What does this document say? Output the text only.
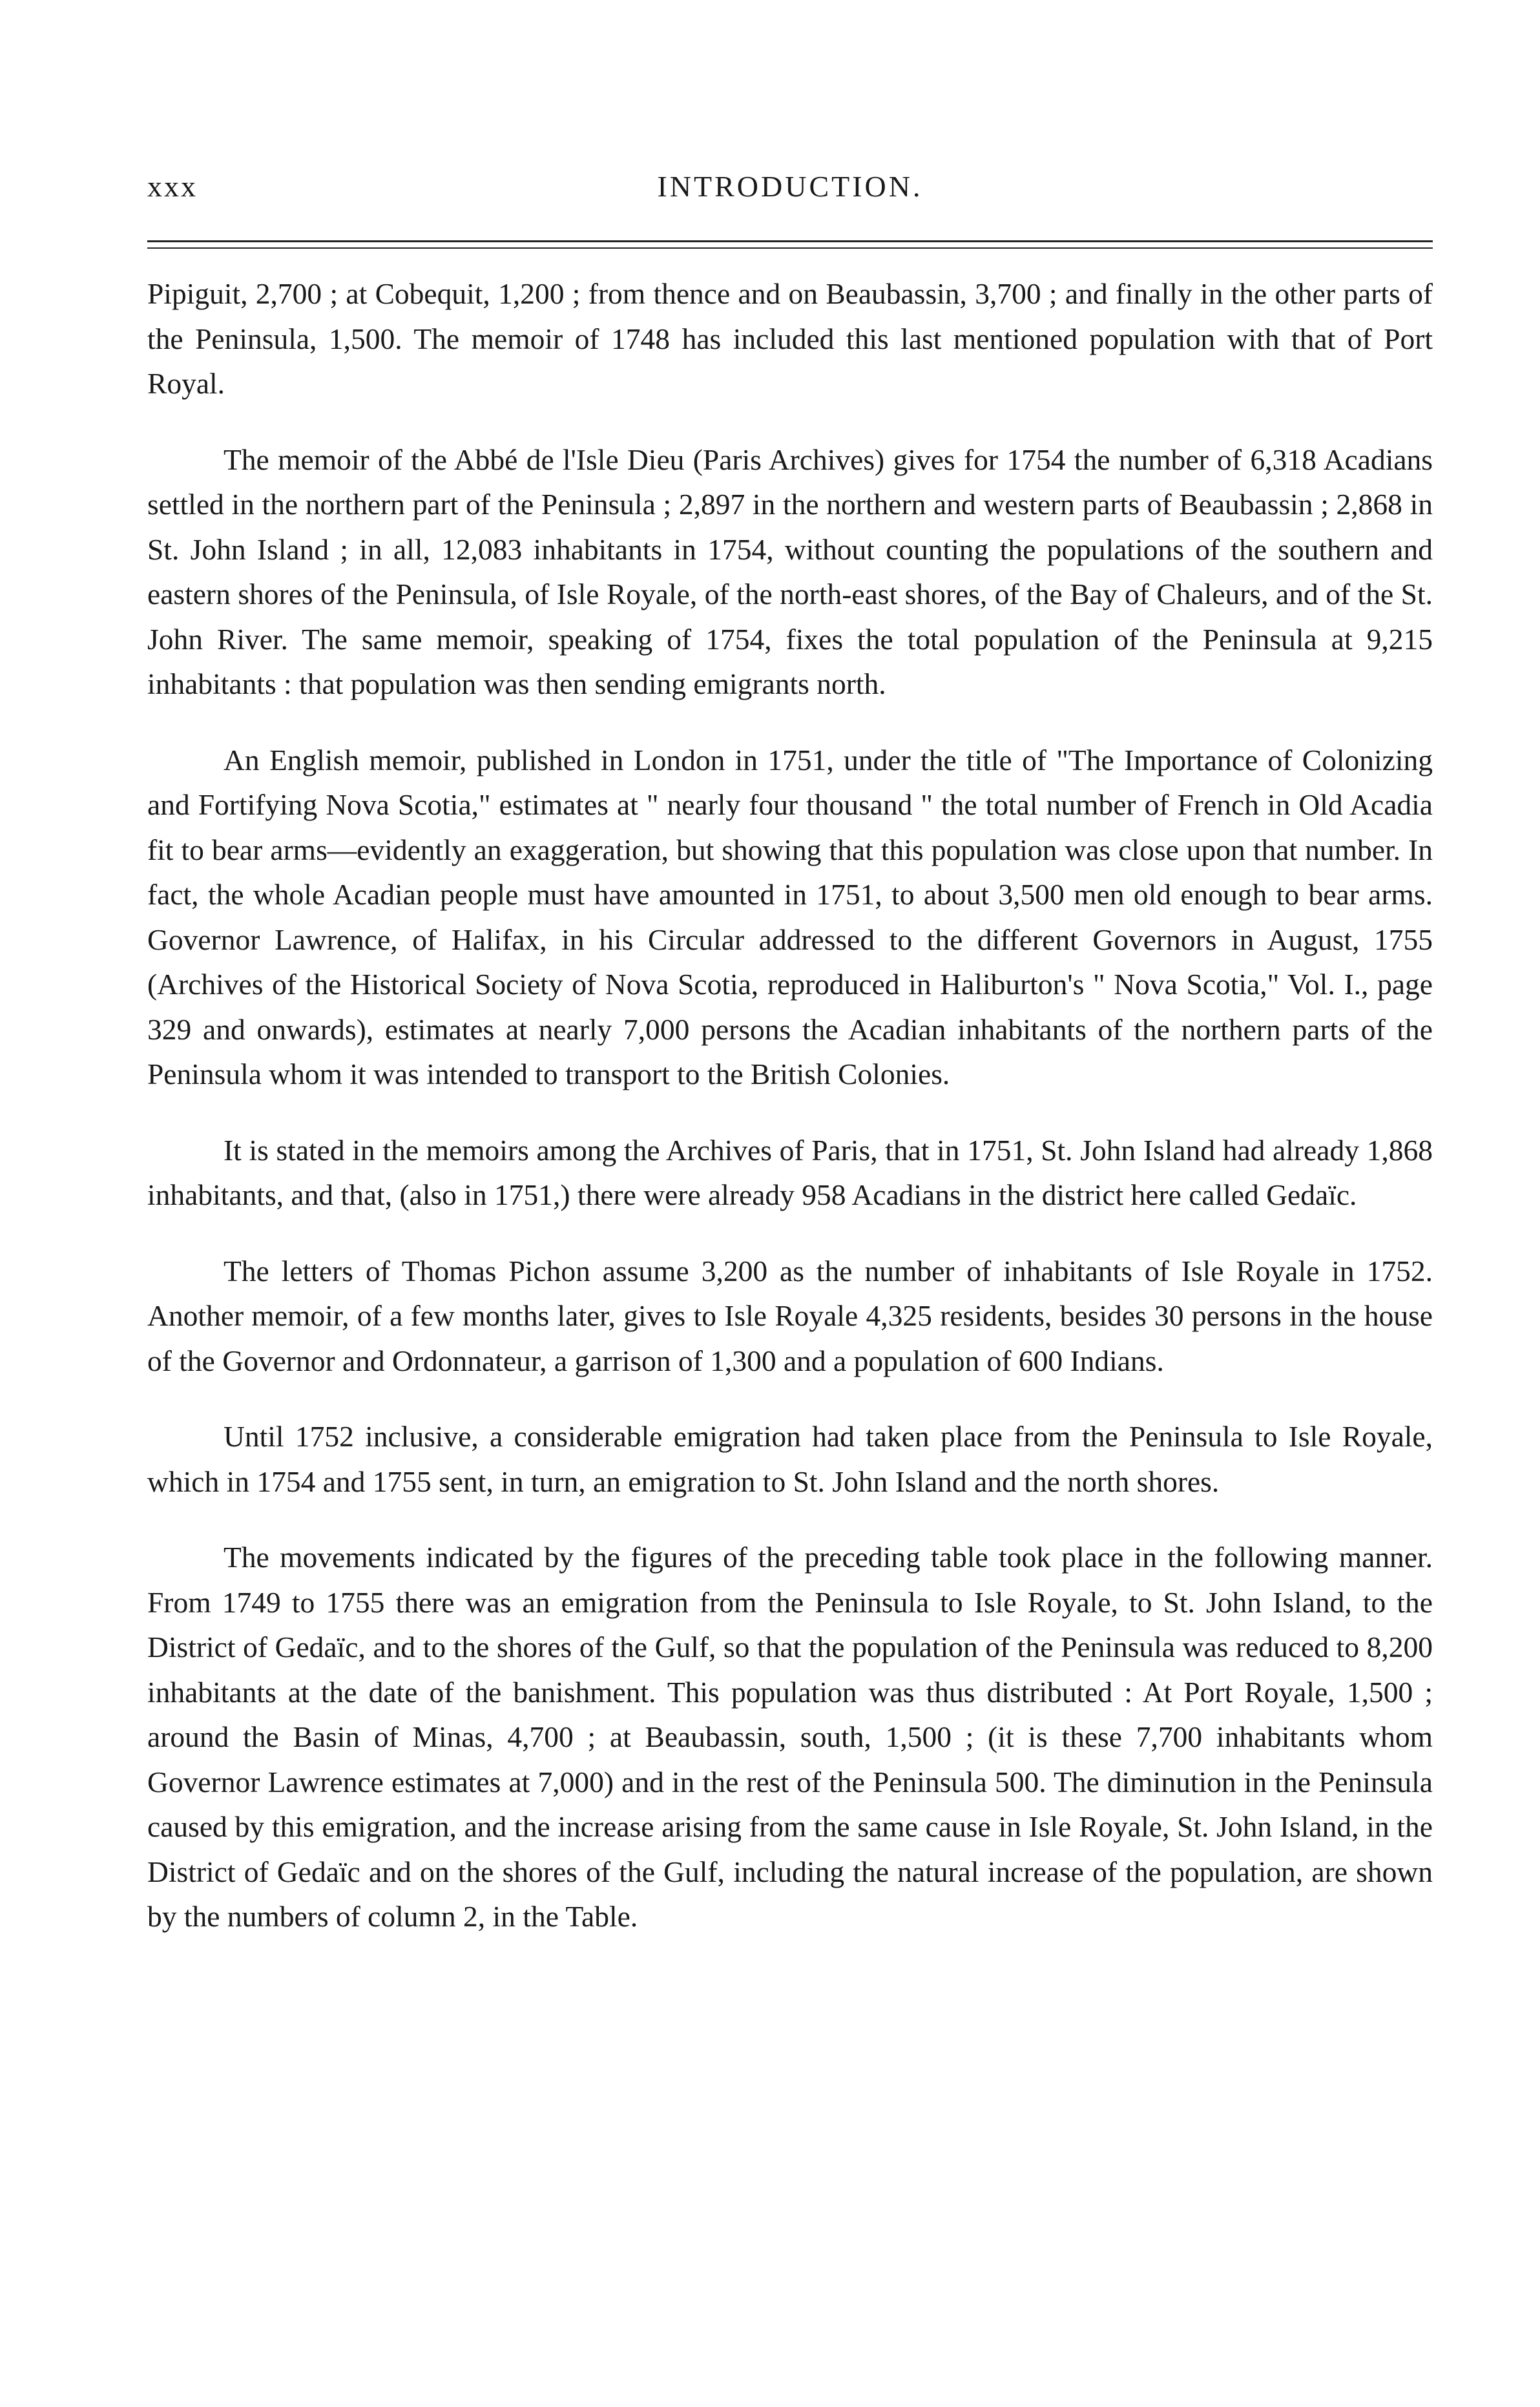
xxx	INTRODUCTION.

Pipiguit, 2,700 ; at Cobequit, 1,200 ; from thence and on Beaubassin, 3,700 ; and finally in the other parts of the Peninsula, 1,500. The memoir of 1748 has included this last mentioned population with that of Port Royal.

The memoir of the Abbé de l'Isle Dieu (Paris Archives) gives for 1754 the number of 6,318 Acadians settled in the northern part of the Peninsula ; 2,897 in the northern and western parts of Beaubassin ; 2,868 in St. John Island ; in all, 12,083 inhabitants in 1754, without counting the populations of the southern and eastern shores of the Peninsula, of Isle Royale, of the north-east shores, of the Bay of Chaleurs, and of the St. John River. The same memoir, speaking of 1754, fixes the total population of the Peninsula at 9,215 inhabitants : that population was then sending emigrants north.

An English memoir, published in London in 1751, under the title of "The Importance of Colonizing and Fortifying Nova Scotia," estimates at " nearly four thousand " the total number of French in Old Acadia fit to bear arms—evidently an exaggeration, but showing that this population was close upon that number. In fact, the whole Acadian people must have amounted in 1751, to about 3,500 men old enough to bear arms. Governor Lawrence, of Halifax, in his Circular addressed to the different Governors in August, 1755 (Archives of the Historical Society of Nova Scotia, reproduced in Haliburton's " Nova Scotia," Vol. I., page 329 and onwards), estimates at nearly 7,000 persons the Acadian inhabitants of the northern parts of the Peninsula whom it was intended to transport to the British Colonies.

It is stated in the memoirs among the Archives of Paris, that in 1751, St. John Island had already 1,868 inhabitants, and that, (also in 1751,) there were already 958 Acadians in the district here called Gedaïc.

The letters of Thomas Pichon assume 3,200 as the number of inhabitants of Isle Royale in 1752. Another memoir, of a few months later, gives to Isle Royale 4,325 residents, besides 30 persons in the house of the Governor and Ordonnateur, a garrison of 1,300 and a population of 600 Indians.

Until 1752 inclusive, a considerable emigration had taken place from the Peninsula to Isle Royale, which in 1754 and 1755 sent, in turn, an emigration to St. John Island and the north shores.

The movements indicated by the figures of the preceding table took place in the following manner. From 1749 to 1755 there was an emigration from the Peninsula to Isle Royale, to St. John Island, to the District of Gedaïc, and to the shores of the Gulf, so that the population of the Peninsula was reduced to 8,200 inhabitants at the date of the banishment. This population was thus distributed : At Port Royale, 1,500 ; around the Basin of Minas, 4,700 ; at Beaubassin, south, 1,500 ; (it is these 7,700 inhabitants whom Governor Lawrence estimates at 7,000) and in the rest of the Peninsula 500. The diminution in the Peninsula caused by this emigration, and the increase arising from the same cause in Isle Royale, St. John Island, in the District of Gedaïc and on the shores of the Gulf, including the natural increase of the population, are shown by the numbers of column 2, in the Table.
